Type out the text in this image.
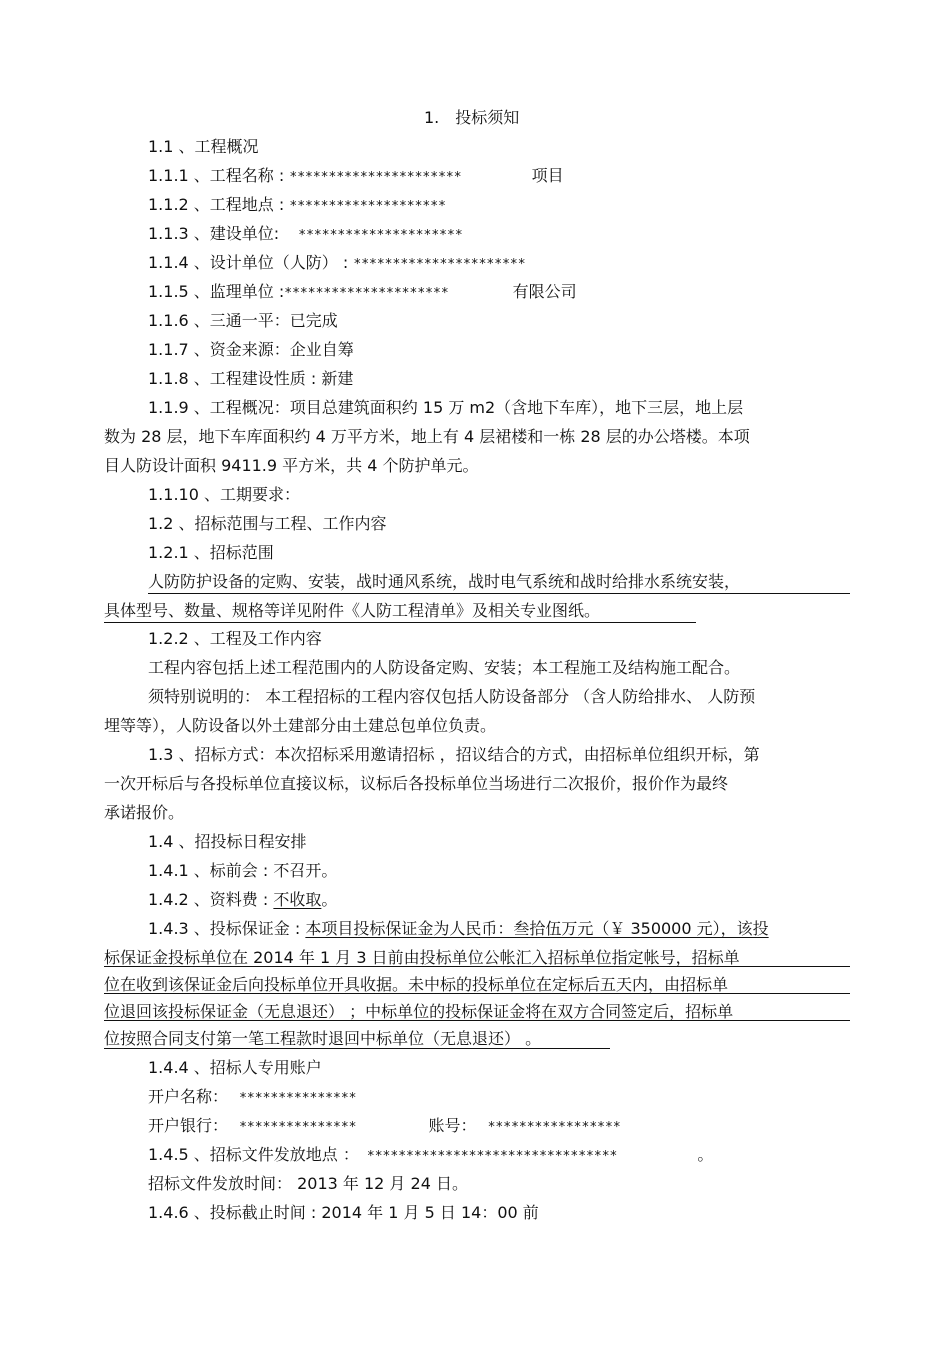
1.　投标须知
1.1 、工程概况
1.1.1 、工程名称 : **********************	项目
1.1.2 、工程地点 : ********************
1.1.3 、建设单位: *********************
1.1.4 、设计单位（人防） : **********************
1.1.5 、监理单位 :*********************	有限公司
1.1.6 、三通一平：已完成
1.1.7 、资金来源：企业自筹
1.1.8 、工程建设性质 : 新建
1.1.9 、工程概况：项目总建筑面积约 15 万 m2（含地下车库），地下三层，地上层
数为 28 层，地下车库面积约 4 万平方米，地上有 4 层裙楼和一栋 28 层的办公塔楼。本项
目人防设计面积 9411.9 平方米，共 4 个防护单元。
1.1.10 、工期要求：
1.2 、招标范围与工程、工作内容
1.2.1 、招标范围
人防防护设备的定购、安装，战时通风系统，战时电气系统和战时给排水系统安装，
具体型号、数量、规格等详见附件《人防工程清单》及相关专业图纸。
1.2.2 、工程及工作内容
工程内容包括上述工程范围内的人防设备定购、安装；本工程施工及结构施工配合。
须特别说明的： 本工程招标的工程内容仅包括人防设备部分 （含人防给排水、 人防预
埋等等），人防设备以外土建部分由土建总包单位负责。
1.3 、招标方式：本次招标采用邀请招标 ，招议结合的方式，由招标单位组织开标，第
一次开标后与各投标单位直接议标，议标后各投标单位当场进行二次报价，报价作为最终
承诺报价。
1.4 、招投标日程安排
1.4.1 、标前会 : 不召开。
1.4.2 、资料费 : 不收取。
1.4.3 、投标保证金 : 本项目投标保证金为人民币：叁拾伍万元（￥ 350000 元），该投
标保证金投标单位在 2014 年 1 月 3 日前由投标单位公帐汇入招标单位指定帐号，招标单
位在收到该保证金后向投标单位开具收据。未中标的投标单位在定标后五天内，由招标单
位退回该投标保证金（无息退还） ；中标单位的投标保证金将在双方合同签定后，招标单
位按照合同支付第一笔工程款时退回中标单位（无息退还） 。
1.4.4 、招标人专用账户
开户名称： ***************
开户银行： ***************	账号： *****************
1.4.5 、招标文件发放地点 ： ********************************	。
招标文件发放时间： 2013 年 12 月 24 日。
1.4.6 、投标截止时间 : 2014 年 1 月 5 日 14：00 前
